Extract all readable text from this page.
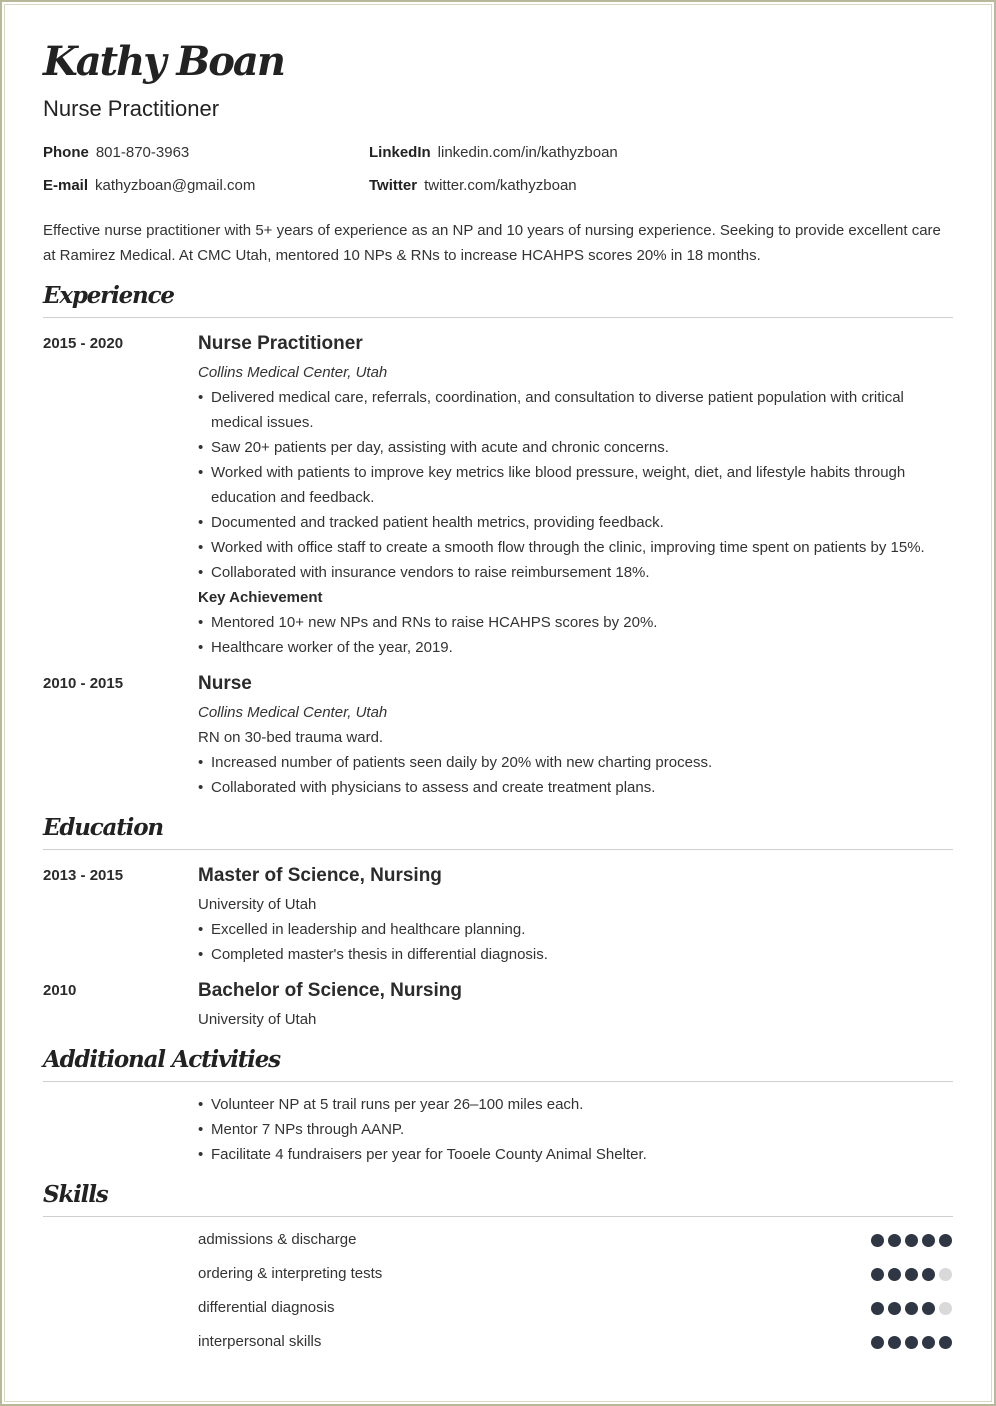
Kathy Boan
Nurse Practitioner
Phone 801-870-3963
E-mail kathyzboan@gmail.com
LinkedIn linkedin.com/in/kathyzboan
Twitter twitter.com/kathyzboan
Effective nurse practitioner with 5+ years of experience as an NP and 10 years of nursing experience. Seeking to provide excellent care at Ramirez Medical. At CMC Utah, mentored 10 NPs & RNs to increase HCAHPS scores 20% in 18 months.
Experience
2015 - 2020	Nurse Practitioner
Collins Medical Center, Utah
• Delivered medical care, referrals, coordination, and consultation to diverse patient population with critical medical issues.
• Saw 20+ patients per day, assisting with acute and chronic concerns.
• Worked with patients to improve key metrics like blood pressure, weight, diet, and lifestyle habits through education and feedback.
• Documented and tracked patient health metrics, providing feedback.
• Worked with office staff to create a smooth flow through the clinic, improving time spent on patients by 15%.
• Collaborated with insurance vendors to raise reimbursement 18%.
Key Achievement
• Mentored 10+ new NPs and RNs to raise HCAHPS scores by 20%.
• Healthcare worker of the year, 2019.
2010 - 2015	Nurse
Collins Medical Center, Utah
RN on 30-bed trauma ward.
• Increased number of patients seen daily by 20% with new charting process.
• Collaborated with physicians to assess and create treatment plans.
Education
2013 - 2015	Master of Science, Nursing
University of Utah
• Excelled in leadership and healthcare planning.
• Completed master's thesis in differential diagnosis.
2010	Bachelor of Science, Nursing
University of Utah
Additional Activities
• Volunteer NP at 5 trail runs per year 26–100 miles each.
• Mentor 7 NPs through AANP.
• Facilitate 4 fundraisers per year for Tooele County Animal Shelter.
Skills
admissions & discharge
ordering & interpreting tests
differential diagnosis
interpersonal skills
